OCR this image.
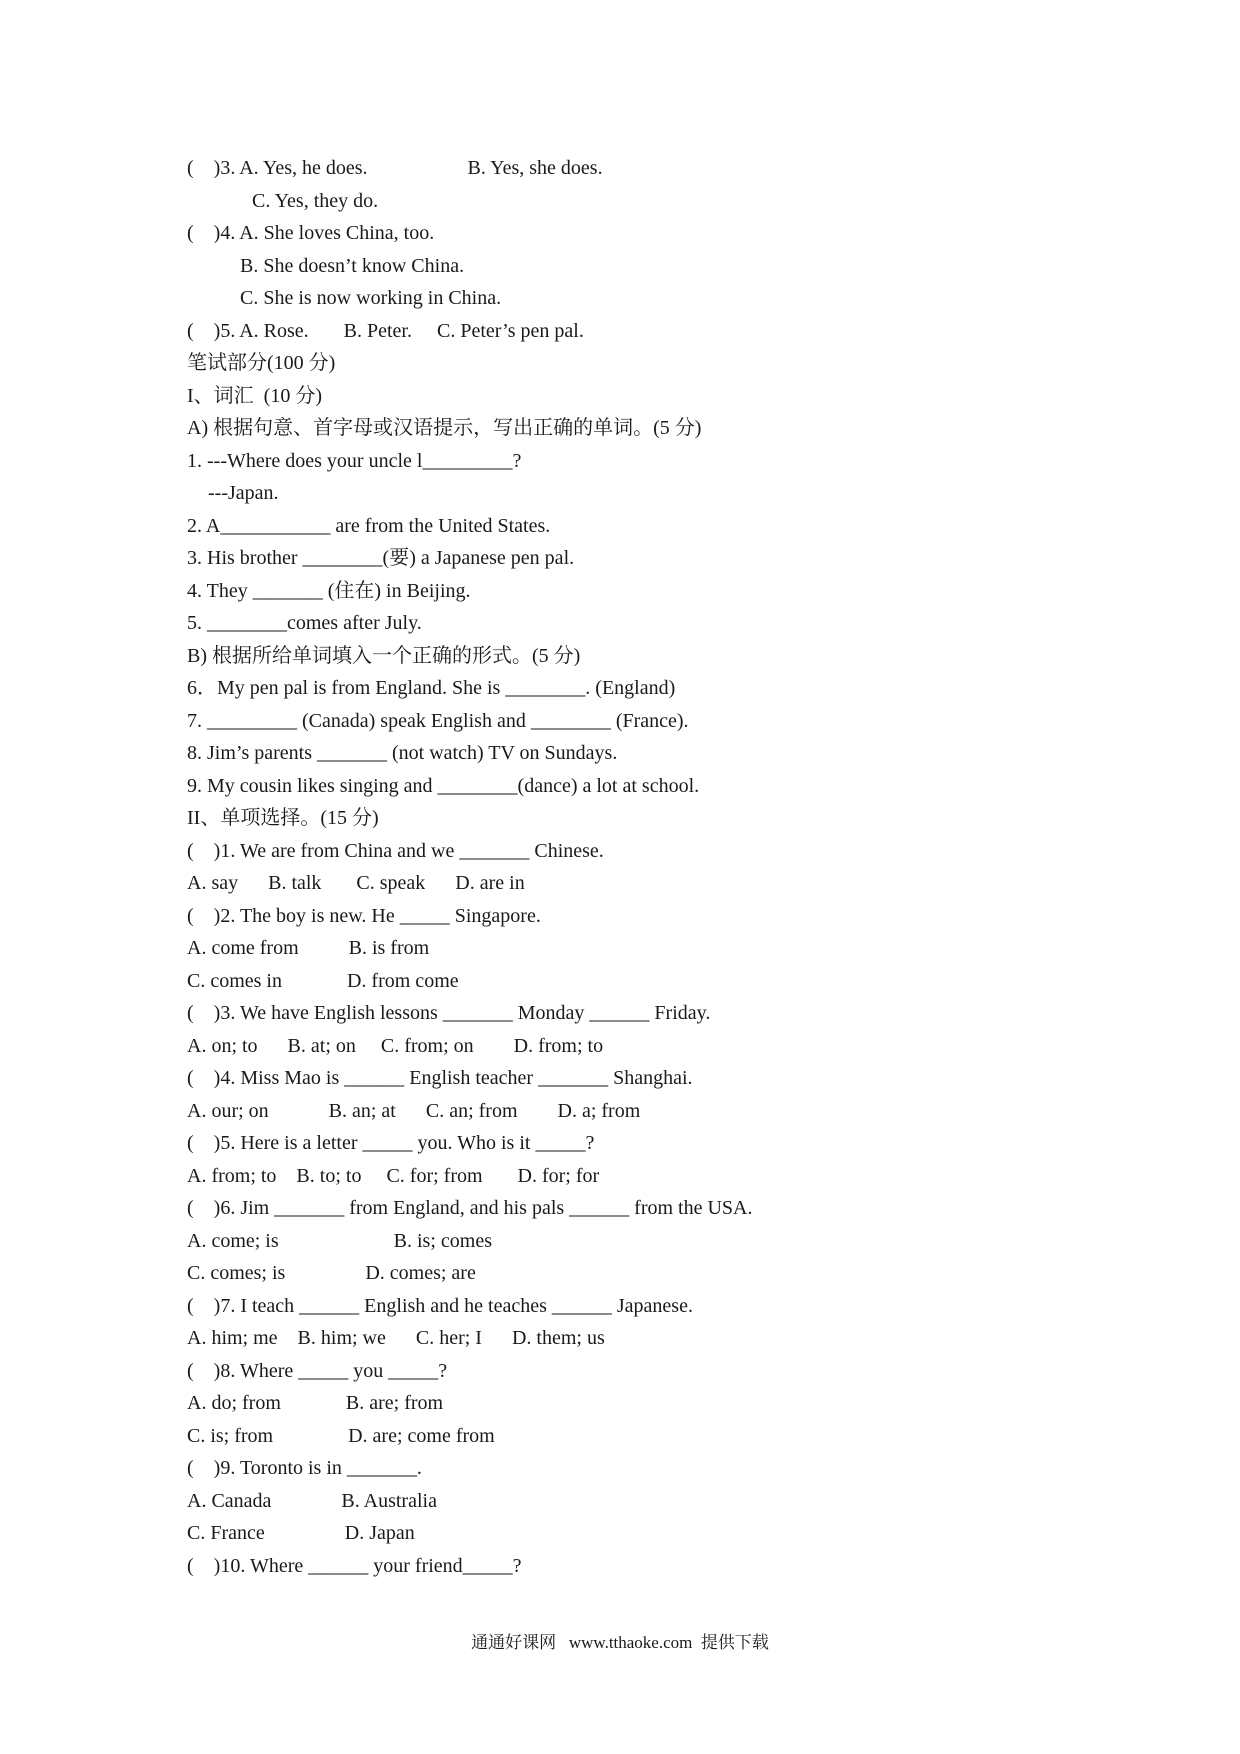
(    )3. A. Yes, he does.                    B. Yes, she does.
C. Yes, they do.
(    )4. A. She loves China, too.
B. She doesn’t know China.
C. She is now working in China.
(    )5. A. Rose.       B. Peter.     C. Peter’s pen pal.
笔试部分(100 分)
I、词汇  (10 分)
A) 根据句意、首字母或汉语提示，写出正确的单词。(5 分)
1. ---Where does your uncle l_________?
---Japan.
2. A___________ are from the United States.
3. His brother ________(要) a Japanese pen pal.
4. They _______ (住在) in Beijing.
5. ________comes after July.
B) 根据所给单词填入一个正确的形式。(5 分)
6．My pen pal is from England. She is ________. (England)
7. _________ (Canada) speak English and ________ (France).
8. Jim’s parents _______ (not watch) TV on Sundays.
9. My cousin likes singing and ________(dance) a lot at school.
II、单项选择。(15 分)
(    )1. We are from China and we _______ Chinese.
A. say      B. talk       C. speak      D. are in
(    )2. The boy is new. He _____ Singapore.
A. come from          B. is from
C. comes in             D. from come
(    )3. We have English lessons _______ Monday ______ Friday.
A. on; to      B. at; on     C. from; on        D. from; to
(    )4. Miss Mao is ______ English teacher _______ Shanghai.
A. our; on            B. an; at      C. an; from        D. a; from
(    )5. Here is a letter _____ you. Who is it _____?
A. from; to    B. to; to     C. for; from       D. for; for
(    )6. Jim _______ from England, and his pals ______ from the USA.
A. come; is                       B. is; comes
C. comes; is                D. comes; are
(    )7. I teach ______ English and he teaches ______ Japanese.
A. him; me    B. him; we      C. her; I      D. them; us
(    )8. Where _____ you _____?
A. do; from             B. are; from
C. is; from               D. are; come from
(    )9. Toronto is in _______.
A. Canada              B. Australia
C. France                D. Japan
(    )10. Where ______ your friend_____?
通通好课网   www.tthaoke.com  提供下载
